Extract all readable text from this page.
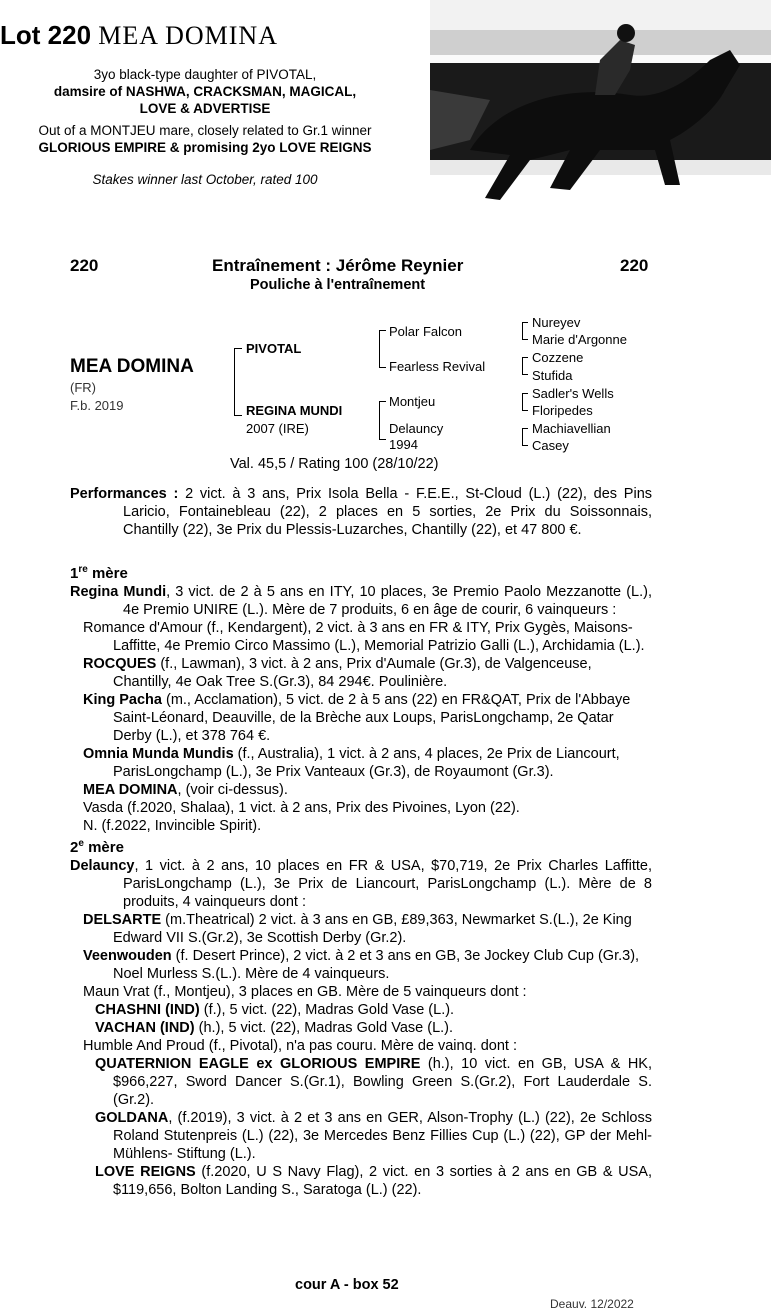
Lot 220 MEA DOMINA
3yo black-type daughter of PIVOTAL,
damsire of NASHWA, CRACKSMAN, MAGICAL,
LOVE & ADVERTISE
Out of a MONTJEU mare, closely related to Gr.1 winner
GLORIOUS EMPIRE & promising 2yo LOVE REIGNS
Stakes winner last October, rated 100
220	Entraînement : Jérôme Reynier	220
Pouliche à l'entraînement
MEA DOMINA
(FR)
F.b. 2019
PIVOTAL
REGINA MUNDI
2007 (IRE)
Polar Falcon
Fearless Revival
Montjeu
Delauncy
1994
Nureyev
Marie d'Argonne
Cozzene
Stufida
Sadler's Wells
Floripedes
Machiavellian
Casey
Val. 45,5 / Rating 100 (28/10/22)

Performances : 2 vict. à 3 ans, Prix Isola Bella - F.E.E., St-Cloud (L.) (22), des Pins Laricio, Fontainebleau (22), 2 places en 5 sorties, 2e Prix du Soissonnais, Chantilly (22), 3e Prix du Plessis-Luzarches, Chantilly (22), et 47 800 €.

1re mère

Regina Mundi, 3 vict. de 2 à 5 ans en ITY, 10 places, 3e Premio Paolo Mezzanotte (L.), 4e Premio UNIRE (L.). Mère de 7 produits, 6 en âge de courir, 6 vainqueurs :

Romance d'Amour (f., Kendargent), 2 vict. à 3 ans en FR & ITY, Prix Gygès, Maisons-Laffitte, 4e Premio Circo Massimo (L.), Memorial Patrizio Galli (L.), Archidamia (L.).

ROCQUES (f., Lawman), 3 vict. à 2 ans, Prix d'Aumale (Gr.3), de Valgenceuse, Chantilly, 4e Oak Tree S.(Gr.3), 84 294€. Poulinière.

King Pacha (m., Acclamation), 5 vict. de 2 à 5 ans (22) en FR&QAT, Prix de l'Abbaye Saint-Léonard, Deauville, de la Brèche aux Loups, ParisLongchamp, 2e Qatar Derby (L.), et 378 764 €.

Omnia Munda Mundis (f., Australia), 1 vict. à 2 ans, 4 places, 2e Prix de Liancourt, ParisLongchamp (L.), 3e Prix Vanteaux (Gr.3), de Royaumont (Gr.3).

MEA DOMINA, (voir ci-dessus).

Vasda (f.2020, Shalaa), 1 vict. à 2 ans, Prix des Pivoines, Lyon (22).

N. (f.2022, Invincible Spirit).

2e mère

Delauncy, 1 vict. à 2 ans, 10 places en FR & USA, $70,719, 2e Prix Charles Laffitte, ParisLongchamp (L.), 3e Prix de Liancourt, ParisLongchamp (L.). Mère de 8 produits, 4 vainqueurs dont :

DELSARTE (m.Theatrical) 2 vict. à 3 ans en GB, £89,363, Newmarket S.(L.), 2e King Edward VII S.(Gr.2), 3e Scottish Derby (Gr.2).

Veenwouden (f. Desert Prince), 2 vict. à 2 et 3 ans en GB, 3e Jockey Club Cup (Gr.3), Noel Murless S.(L.). Mère de 4 vainqueurs.

Maun Vrat (f., Montjeu), 3 places en GB. Mère de 5 vainqueurs dont :

CHASHNI (IND) (f.), 5 vict. (22), Madras Gold Vase (L.).

VACHAN (IND) (h.), 5 vict. (22), Madras Gold Vase (L.).

Humble And Proud (f., Pivotal), n'a pas couru. Mère de vainq. dont :

QUATERNION EAGLE ex GLORIOUS EMPIRE (h.), 10 vict. en GB, USA & HK, $966,227, Sword Dancer S.(Gr.1), Bowling Green S.(Gr.2), Fort Lauderdale S.(Gr.2).

GOLDANA, (f.2019), 3 vict. à 2 et 3 ans en GER, Alson-Trophy (L.) (22), 2e Schloss Roland Stutenpreis (L.) (22), 3e Mercedes Benz Fillies Cup (L.) (22), GP der Mehl-Mühlens- Stiftung (L.).

LOVE REIGNS (f.2020, U S Navy Flag), 2 vict. en 3 sorties à 2 ans en GB & USA, $119,656, Bolton Landing S., Saratoga (L.) (22).

cour A - box 52
Deauv. 12/2022
